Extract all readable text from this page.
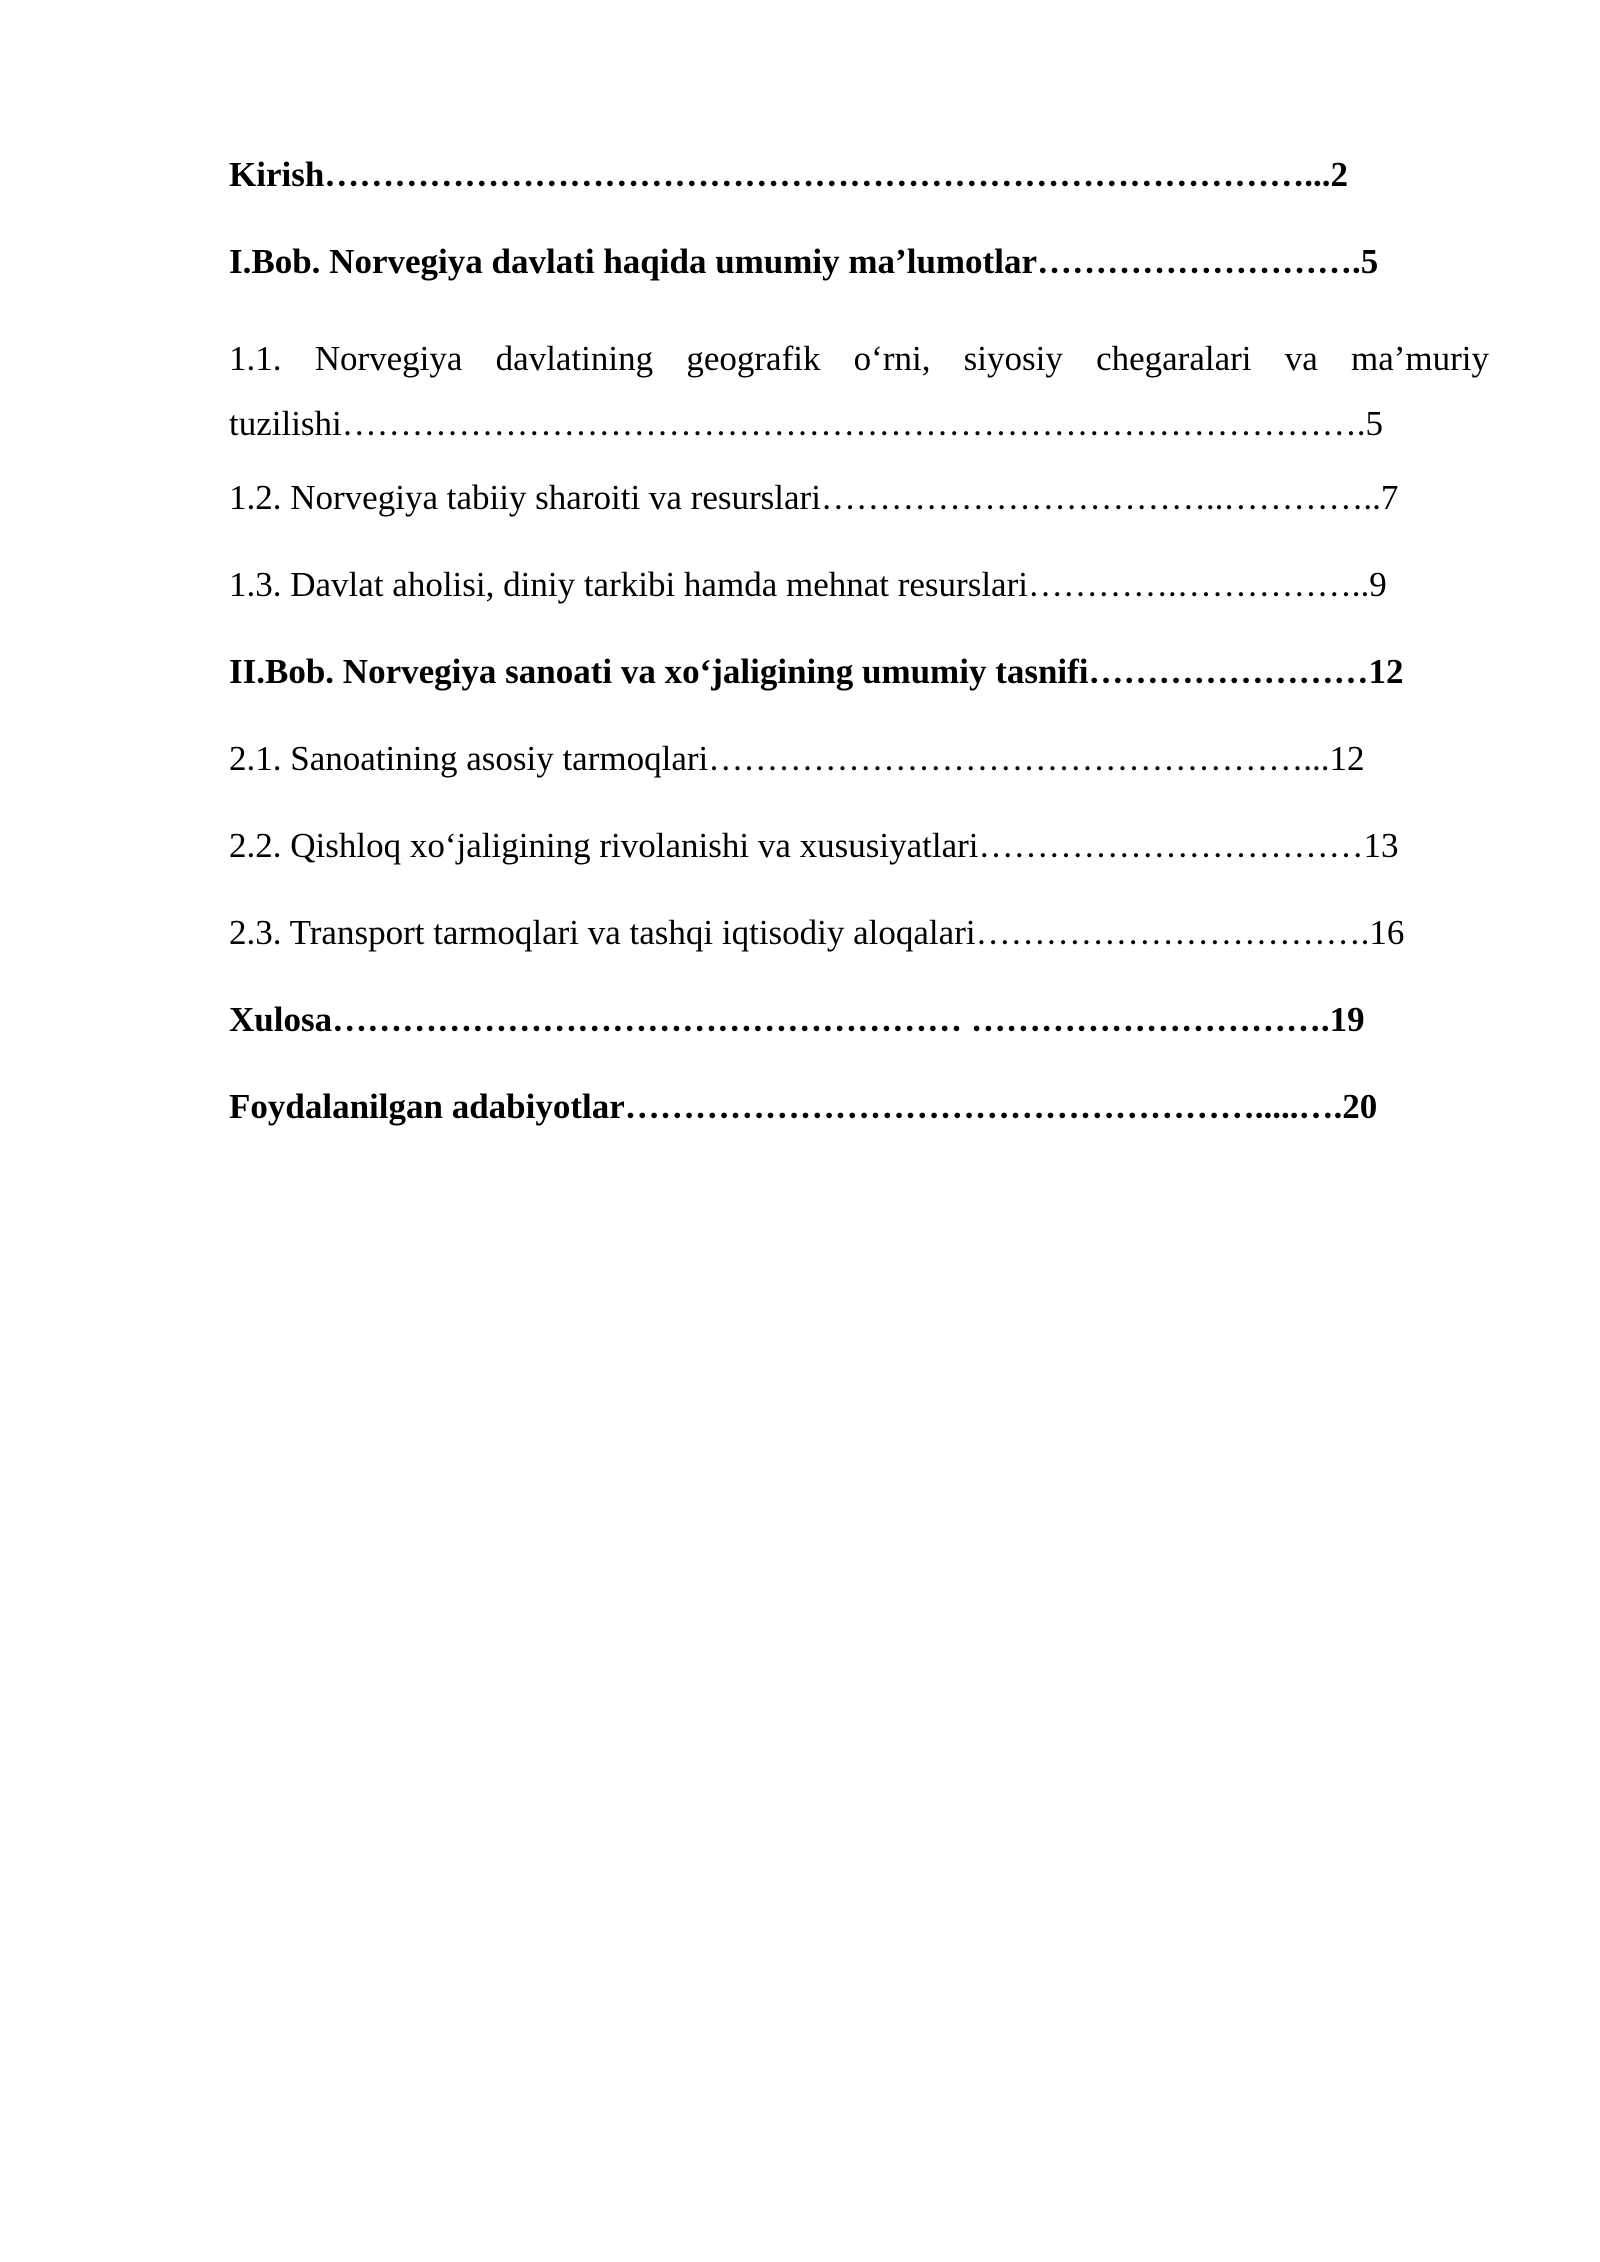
Kirish…………………………………………………………………………...2

I.Bob. Norvegiya davlati haqida umumiy ma’lumotlar……………………….5

1.1. Norvegiya davlatining geografik o‘rni, siyosiy chegaralari va ma’muriy tuzilishi…………………………………………………………………………….5

1.2. Norvegiya tabiiy sharoiti va resurslari……………………………..…………..7

1.3. Davlat aholisi, diniy tarkibi hamda mehnat resurslari………….……………..9

II.Bob. Norvegiya sanoati va xo‘jaligining umumiy tasnifi……………………12

2.1. Sanoatining asosiy tarmoqlari……………………………………………...12

2.2. Qishloq xo‘jaligining rivolanishi va xususiyatlari……………………………13

2.3. Transport tarmoqlari va tashqi iqtisodiy aloqalari…………………………….16

Xulosa……………………………………………… ………………………….19

Foydalanilgan adabiyotlar……………………………………………….....….20
